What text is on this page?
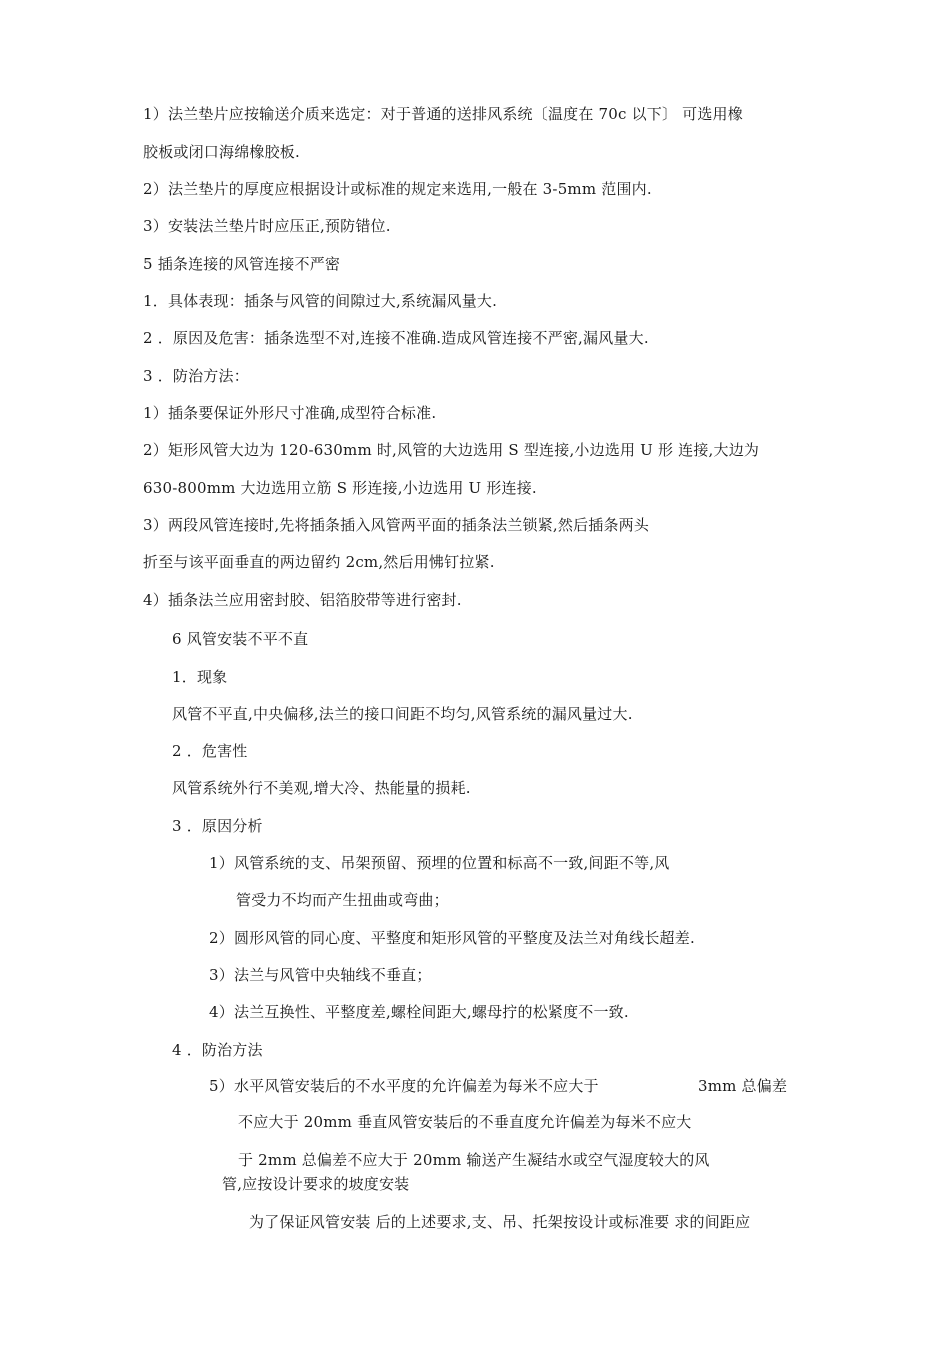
1）法兰垫片应按输送介质来选定：对于普通的送排风系统〔温度在 70c 以下〕 可选用橡
胶板或闭口海绵橡胶板.
2）法兰垫片的厚度应根据设计或标准的规定来选用,一般在 3-5mm 范围内.
3）安装法兰垫片时应压正,预防错位.
5 插条连接的风管连接不严密
1．具体表现：插条与风管的间隙过大,系统漏风量大.
2 ．原因及危害：插条选型不对,连接不准确.造成风管连接不严密,漏风量大.
3 ．防治方法：
1）插条要保证外形尺寸准确,成型符合标准.
2）矩形风管大边为 120-630mm 时,风管的大边选用 S 型连接,小边选用 U 形 连接,大边为
630-800mm 大边选用立筋 S 形连接,小边选用 U 形连接.
3）两段风管连接时,先将插条插入风管两平面的插条法兰锁紧,然后插条两头
折至与该平面垂直的两边留约 2cm,然后用怫钉拉紧.
4）插条法兰应用密封胶、铝箔胶带等进行密封.
6 风管安装不平不直
1．现象
风管不平直,中央偏移,法兰的接口间距不均匀,风管系统的漏风量过大.
2 ．危害性
风管系统外行不美观,增大冷、热能量的损耗.
3 ．原因分析
1）风管系统的支、吊架预留、预埋的位置和标高不一致,间距不等,风
管受力不均而产生扭曲或弯曲；
2）圆形风管的同心度、平整度和矩形风管的平整度及法兰对角线长超差.
3）法兰与风管中央轴线不垂直；
4）法兰互换性、平整度差,螺栓间距大,螺母拧的松紧度不一致.
4 ．防治方法
5）水平风管安装后的不水平度的允许偏差为每米不应大于	3mm 总偏差
不应大于 20mm 垂直风管安装后的不垂直度允许偏差为每米不应大
于 2mm 总偏差不应大于 20mm 输送产生凝结水或空气湿度较大的风
管,应按设计要求的坡度安装
为了保证风管安装 后的上述要求,支、吊、托架按设计或标准要 求的间距应
